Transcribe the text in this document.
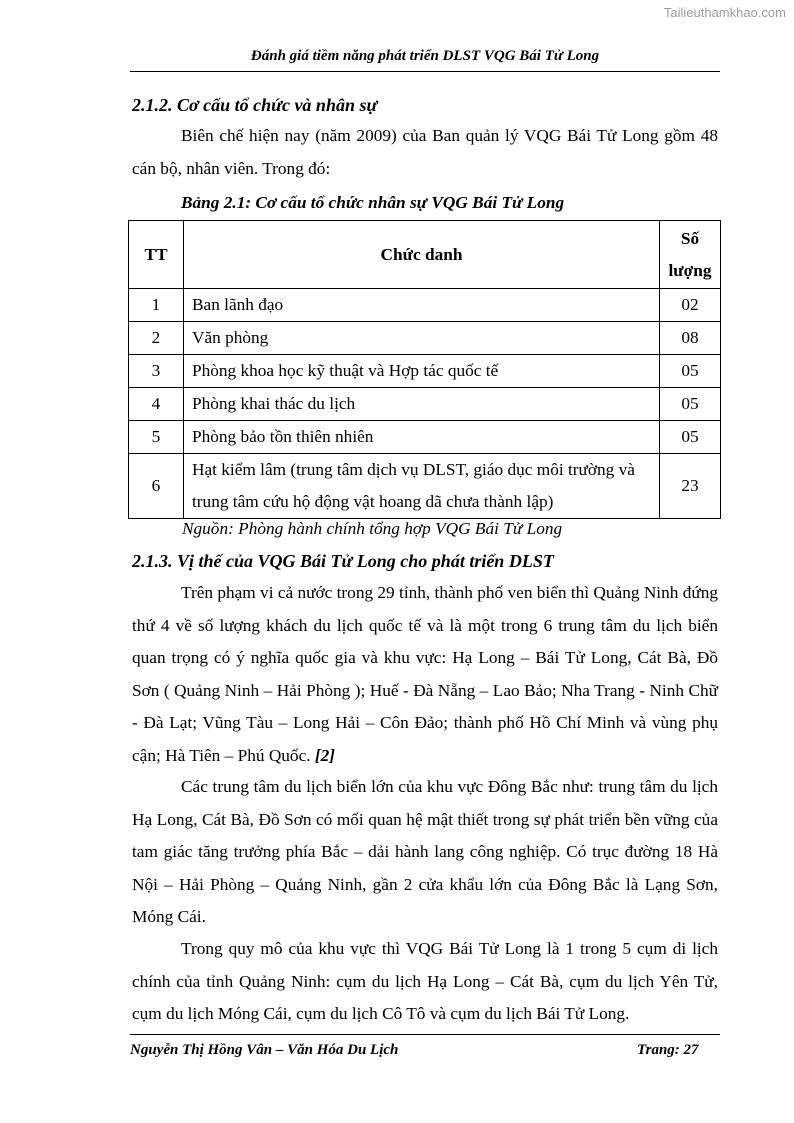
Tailieuthamkhao.com
Đánh giá tiềm năng phát triển DLST VQG Bái Tử Long
2.1.2. Cơ cấu tổ chức và nhân sự

Biên chế hiện nay (năm 2009) của Ban quản lý VQG Bái Tử Long gồm 48 cán bộ, nhân viên. Trong đó:

Bảng 2.1: Cơ cấu tổ chức nhân sự VQG Bái Tử Long
TT	Chức danh	Số
lượng
1	Ban lãnh đạo	02
2	Văn phòng	08
3	Phòng khoa học kỹ thuật và Hợp tác quốc tế	05
4	Phòng khai thác du lịch	05
5	Phòng bảo tồn thiên nhiên	05
6	Hạt kiểm lâm (trung tâm dịch vụ DLST, giáo dục môi trường và trung tâm cứu hộ động vật hoang dã chưa thành lập)	23
Nguồn: Phòng hành chính tổng hợp VQG Bái Tử Long
2.1.3. Vị thế của VQG Bái Tử Long cho phát triển DLST

Trên phạm vi cả nước trong 29 tỉnh, thành phố ven biển thì Quảng Ninh đứng thứ 4 về số lượng khách du lịch quốc tế và là một trong 6 trung tâm du lịch biển quan trọng có ý nghĩa quốc gia và khu vực: Hạ Long – Bái Tử Long, Cát Bà, Đồ Sơn ( Quảng Ninh – Hải Phòng ); Huế - Đà Nẵng – Lao Bảo; Nha Trang - Ninh Chữ - Đà Lạt; Vũng Tàu – Long Hải – Côn Đảo; thành phố Hồ Chí Minh và vùng phụ cận; Hà Tiên – Phú Quốc. [2]

Các trung tâm du lịch biển lớn của khu vực Đông Bắc như: trung tâm du lịch Hạ Long, Cát Bà, Đồ Sơn có mối quan hệ mật thiết trong sự phát triển bền vững của tam giác tăng trưởng phía Bắc – dải hành lang công nghiệp. Có trục đường 18 Hà Nội – Hải Phòng – Quảng Ninh, gần 2 cửa khẩu lớn của Đông Bắc là Lạng Sơn, Móng Cái.

Trong quy mô của khu vực thì VQG Bái Tử Long là 1 trong 5 cụm di lịch chính của tỉnh Quảng Ninh: cụm du lịch Hạ Long – Cát Bà, cụm du lịch Yên Tử, cụm du lịch Móng Cái, cụm du lịch Cô Tô và cụm du lịch Bái Tử Long.

Nguyễn Thị Hồng Vân – Văn Hóa Du Lịch	Trang: 27
